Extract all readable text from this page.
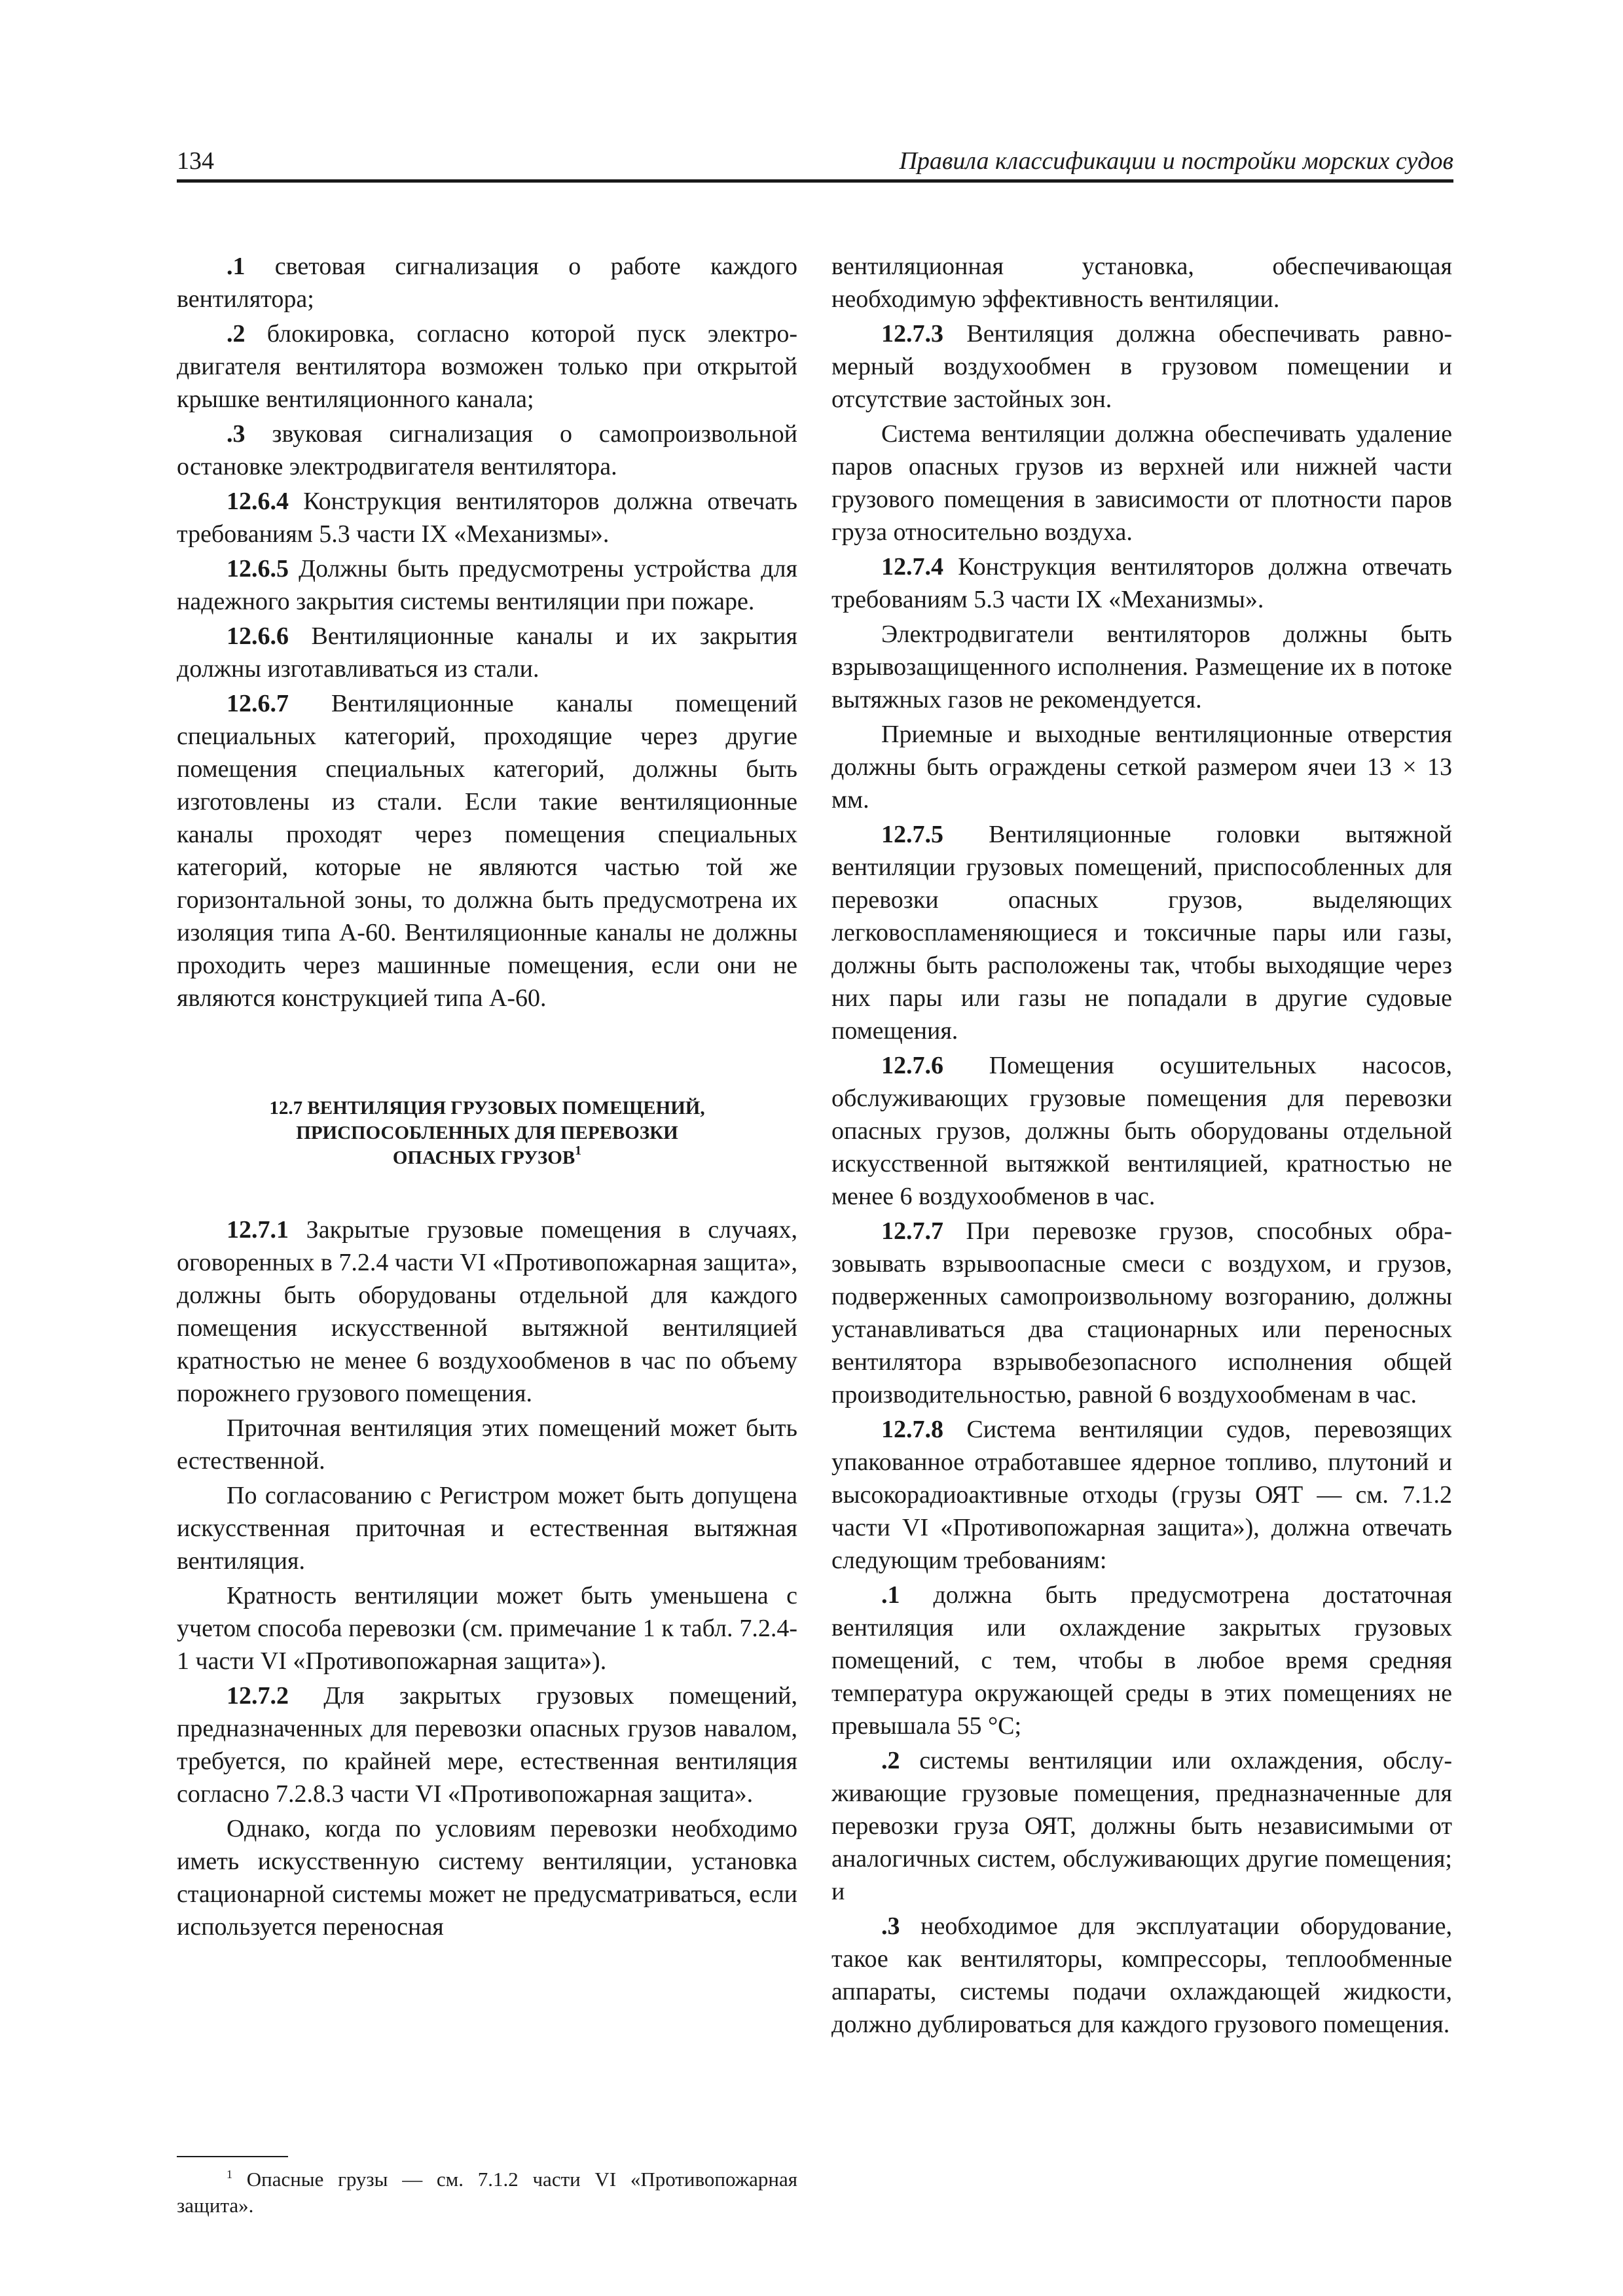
134	Правила классификации и постройки морских судов

.1 световая сигнализация о работе каждого вентилятора;

.2 блокировка, согласно которой пуск электродвигателя вентилятора возможен только при открытой крышке вентиляционного канала;

.3 звуковая сигнализация о самопроизвольной остановке электродвигателя вентилятора.

12.6.4 Конструкция вентиляторов должна отвечать требованиям 5.3 части IX «Механизмы».

12.6.5 Должны быть предусмотрены устройства для надежного закрытия системы вентиляции при пожаре.

12.6.6 Вентиляционные каналы и их закрытия должны изготавливаться из стали.

12.6.7 Вентиляционные каналы помещений специальных категорий, проходящие через другие помещения специальных категорий, должны быть изготовлены из стали. Если такие вентиляционные каналы проходят через помещения специальных категорий, которые не являются частью той же горизонтальной зоны, то должна быть предусмотрена их изоляция типа А-60. Вентиляционные каналы не должны проходить через машинные помещения, если они не являются конструкцией типа А-60.

12.7 ВЕНТИЛЯЦИЯ ГРУЗОВЫХ ПОМЕЩЕНИЙ,
ПРИСПОСОБЛЕННЫХ ДЛЯ ПЕРЕВОЗКИ
ОПАСНЫХ ГРУЗОВ$^1$

12.7.1 Закрытые грузовые помещения в случаях, оговоренных в 7.2.4 части VI «Противопожарная защита», должны быть оборудованы отдельной для каждого помещения искусственной вытяжной вентиляцией кратностью не менее 6 воздухообменов в час по объему порожнего грузового помещения.

Приточная вентиляция этих помещений может быть естественной.

По согласованию с Регистром может быть допущена искусственная приточная и естественная вытяжная вентиляция.

Кратность вентиляции может быть уменьшена с учетом способа перевозки (см. примечание 1 к табл. 7.2.4-1 части VI «Противопожарная защита»).

12.7.2 Для закрытых грузовых помещений, предназначенных для перевозки опасных грузов навалом, требуется, по крайней мере, естественная вентиляция согласно 7.2.8.3 части VI «Противопожарная защита».

Однако, когда по условиям перевозки необходимо иметь искусственную систему вентиляции, установка стационарной системы может не предусматриваться, если используется переносная

$^1$ Опасные грузы — см. 7.1.2 части VI «Противопожарная защита».

вентиляционная установка, обеспечивающая необходимую эффективность вентиляции.

12.7.3 Вентиляция должна обеспечивать равномерный воздухообмен в грузовом помещении и отсутствие застойных зон.

Система вентиляции должна обеспечивать удаление паров опасных грузов из верхней или нижней части грузового помещения в зависимости от плотности паров груза относительно воздуха.

12.7.4 Конструкция вентиляторов должна отвечать требованиям 5.3 части IX «Механизмы».

Электродвигатели вентиляторов должны быть взрывозащищенного исполнения. Размещение их в потоке вытяжных газов не рекомендуется.

Приемные и выходные вентиляционные отверстия должны быть ограждены сеткой размером ячеи 13 × 13 мм.

12.7.5 Вентиляционные головки вытяжной вентиляции грузовых помещений, приспособленных для перевозки опасных грузов, выделяющих легковоспламеняющиеся и токсичные пары или газы, должны быть расположены так, чтобы выходящие через них пары или газы не попадали в другие судовые помещения.

12.7.6 Помещения осушительных насосов, обслуживающих грузовые помещения для перевозки опасных грузов, должны быть оборудованы отдельной искусственной вытяжкой вентиляцией, кратностью не менее 6 воздухообменов в час.

12.7.7 При перевозке грузов, способных образовывать взрывоопасные смеси с воздухом, и грузов, подверженных самопроизвольному возгоранию, должны устанавливаться два стационарных или переносных вентилятора взрывобезопасного исполнения общей производительностью, равной 6 воздухообменам в час.

12.7.8 Система вентиляции судов, перевозящих упакованное отработавшее ядерное топливо, плутоний и высокорадиоактивные отходы (грузы ОЯТ — см. 7.1.2 части VI «Противопожарная защита»), должна отвечать следующим требованиям:

.1 должна быть предусмотрена достаточная вентиляция или охлаждение закрытых грузовых помещений, с тем, чтобы в любое время средняя температура окружающей среды в этих помещениях не превышала 55 °С;

.2 системы вентиляции или охлаждения, обслуживающие грузовые помещения, предназначенные для перевозки груза ОЯТ, должны быть независимыми от аналогичных систем, обслуживающих другие помещения; и

.3 необходимое для эксплуатации оборудование, такое как вентиляторы, компрессоры, теплообменные аппараты, системы подачи охлаждающей жидкости, должно дублироваться для каждого грузового помещения.
